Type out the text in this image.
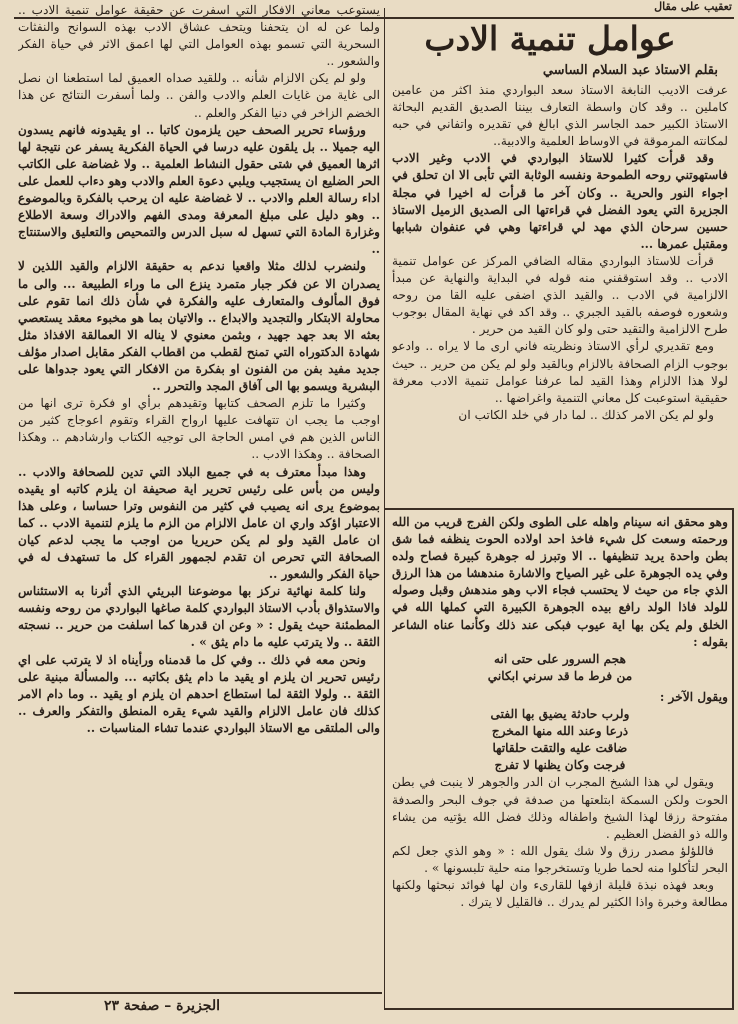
تعقيب على مقال
عوامل تنمية الادب
بقلم الاستاذ عبد السلام الساسي

عرفت الاديب النابغة الاستاذ سعد البواردي منذ اكثر من عامين كاملين .. وقد كان واسطة التعارف بيننا الصديق القديم البحاثة الاستاذ الكبير حمد الجاسر الذي ابالغ في تقديره واتفاني في حبه لمكانته المرموقة في الاوساط العلمية والادبية..

وقد قرأت كثيرا للاستاذ البواردي في الادب وغير الادب فاستهوتني روحه الطموحة ونفسه الوثابة التي تأبى الا ان تحلق في اجواء النور والحرية .. وكان آخر ما قرأت له اخيرا في مجلة الجزيرة التي يعود الفضل في قراءتها الى الصديق الزميل الاستاذ حسين سرحان الذي مهد لي قراءتها وهي في عنفوان شبابها ومقتبل عمرها ...

قرأت للاستاذ البواردي مقاله الضافي المركز عن عوامل تنمية الادب .. وقد استوقفني منه قوله في البداية والنهاية عن مبدأ الالزامية في الادب .. والقيد الذي اضفى عليه القا من روحه وشعوره فوصفه بالقيد الجبري .. وقد اكد في نهاية المقال بوجوب طرح الالزامية والتقيد حتى ولو كان القيد من حرير .

ومع تقديري لرأي الاستاذ ونظريته فاني ارى ما لا يراه .. وادعو بوجوب الزام الصحافة بالالزام وبالقيد ولو لم يكن من حرير .. حيث لولا هذا الالزام وهذا القيد لما عرفنا عوامل تنمية الادب معرفة حقيقية استوعبت كل معاني التنمية واغراضها ..

ولو لم يكن الامر كذلك .. لما دار في خلد الكاتب ان

يستوعب معاني الافكار التي اسفرت عن حقيقة عوامل تنمية الادب .. ولما عن له ان يتحفنا ويتحف عشاق الادب بهذه السوانح والنفثات السحرية التي تسمو بهذه العوامل التي لها اعمق الاثر في حياة الفكر والشعور ..

ولو لم يكن الالزام شأنه .. وللقيد صداه العميق لما استطعنا ان نصل الى غاية من غايات العلم والادب والفن .. ولما أسفرت النتائج عن هذا الخضم الزاخر في دنيا الفكر والعلم ..

ورؤساء تحرير الصحف حين يلزمون كاتبا .. او يقيدونه فانهم يسدون اليه جميلا .. بل يلقون عليه درسا في الحياة الفكرية يسفر عن نتيجة لها اثرها العميق في شتى حقول النشاط العلمية .. ولا غضاضة على الكاتب الحر الضليع ان يستجيب ويلبي دعوة العلم والادب وهو دءاب للعمل على اداء رسالة العلم والادب .. لا غضاضة عليه ان يرحب بالفكرة وبالموضوع .. وهو دليل على مبلغ المعرفة ومدى الفهم والادراك وسعة الاطلاع وغزارة المادة التي تسهل له سبل الدرس والتمحيص والتعليق والاستنتاج ..

ولنضرب لذلك مثلا واقعيا ندعم به حقيقة الالزام والقيد اللذين لا يصدران الا عن فكر جبار متمرد ينزع الى ما وراء الطبيعة ... والى ما فوق المألوف والمتعارف عليه والفكرة في شأن ذلك انما تقوم على محاولة الابتكار والتجديد والابداع .. والاتيان بما هو مخبوء معقد يستعصي بعثه الا بعد جهد جهيد ، وبثمن معنوي لا يناله الا العمالقة الافذاذ مثل شهادة الدكتوراه التي تمنح لقطب من اقطاب الفكر مقابل اصدار مؤلف جديد مفيد بفن من الفنون او بفكرة من الافكار التي يعود جدواها على البشرية ويسمو بها الى آفاق المجد والتحرر ..

وكثيرا ما تلزم الصحف كتابها وتقيدهم برأي او فكرة ترى انها من اوجب ما يجب ان تتهافت عليها ارواح القراء وتقوم اعوجاج كثير من الناس الذين هم في امس الحاجة الى توجيه الكتاب وارشادهم .. وهكذا الصحافة .. وهكذا الادب ..

وهذا مبدأ معترف به في جميع البلاد التي تدين للصحافة والادب .. وليس من بأس على رئيس تحرير اية صحيفة ان يلزم كاتبه او يقيده بموضوع يرى انه يصيب في كثير من النفوس وترا حساسا ، وعلى هذا الاعتبار اؤكد واري ان عامل الالزام من الزم ما يلزم لتنمية الادب .. كما ان عامل القيد ولو لم يكن حريريا من اوجب ما يجب لدعم كيان الصحافة التي تحرص ان تقدم لجمهور القراء كل ما تستهدف له في حياة الفكر والشعور ..

ولنا كلمة نهائية نركز بها موضوعنا البريئي الذي أثرنا به الاستئناس والاستذواق بأدب الاستاذ البواردي كلمة صاغها البواردي من روحه ونفسه المطمئنة حيث يقول : « وعن ان قدرها كما اسلفت من حرير .. نسجته الثقة .. ولا يترتب عليه ما دام يثق » .

ونحن معه في ذلك .. وفي كل ما قدمناه ورأيناه اذ لا يترتب على اي رئيس تحرير ان يلزم او يقيد ما دام يثق بكاتبه ... والمسألة مبنية على الثقة .. ولولا الثقة لما استطاع احدهم ان يلزم او يقيد .. وما دام الامر كذلك فان عامل الالزام والقيد شيء يقره المنطق والتفكر والعرف .. والى الملتقى مع الاستاذ البواردي عندما تشاء المناسبات ..

وهو محقق انه سينام واهله على الطوى ولكن الفرج قريب من الله ورحمته وسعت كل شيء فاخذ احد اولاده الحوت ينظفه فما شق بطن واحدة يريد تنظيفها .. الا وتبرز له جوهرة كبيرة فصاح ولده وفي يده الجوهرة على غير الصياح والاشارة مندهشا من هذا الرزق الذي جاء من حيث لا يحتسب فجاء الاب وهو مندهش وقبل وصوله للولد فاذا الولد رافع بيده الجوهرة الكبيرة التي كملها الله في الخلق ولم يكن بها اية عيوب فبكى عند ذلك وكأنما عناه الشاعر بقوله :

هجم السرور على حتى انه

من فرط ما قد سرني ابكاني

ويقول الآخر :

ولرب حادثة يضيق بها الفتى

ذرعا وعند الله منها المخرج

ضاقت عليه والتقت حلقاتها

فرجت وكان يظنها لا تفرج

ويقول لي هذا الشيخ المجرب ان الدر والجوهر لا ينبت في بطن الحوت ولكن السمكة ابتلعتها من صدفة في جوف البحر والصدفة مفتوحة رزقا لهذا الشيخ واطفاله وذلك فضل الله يؤتيه من يشاء والله ذو الفضل العظيم .

فاللؤلؤ مصدر رزق ولا شك يقول الله : « وهو الذي جعل لكم البحر لتأكلوا منه لحما طريا وتستخرجوا منه حلية تلبسونها » .

وبعد فهذه نبذة قليلة ازفها للقارىء وان لها فوائد نبحثها ولكنها مطالعة وخبرة واذا الكثير لم يدرك .. فالقليل لا يترك .

الجزيرة – صفحة ٢٣
